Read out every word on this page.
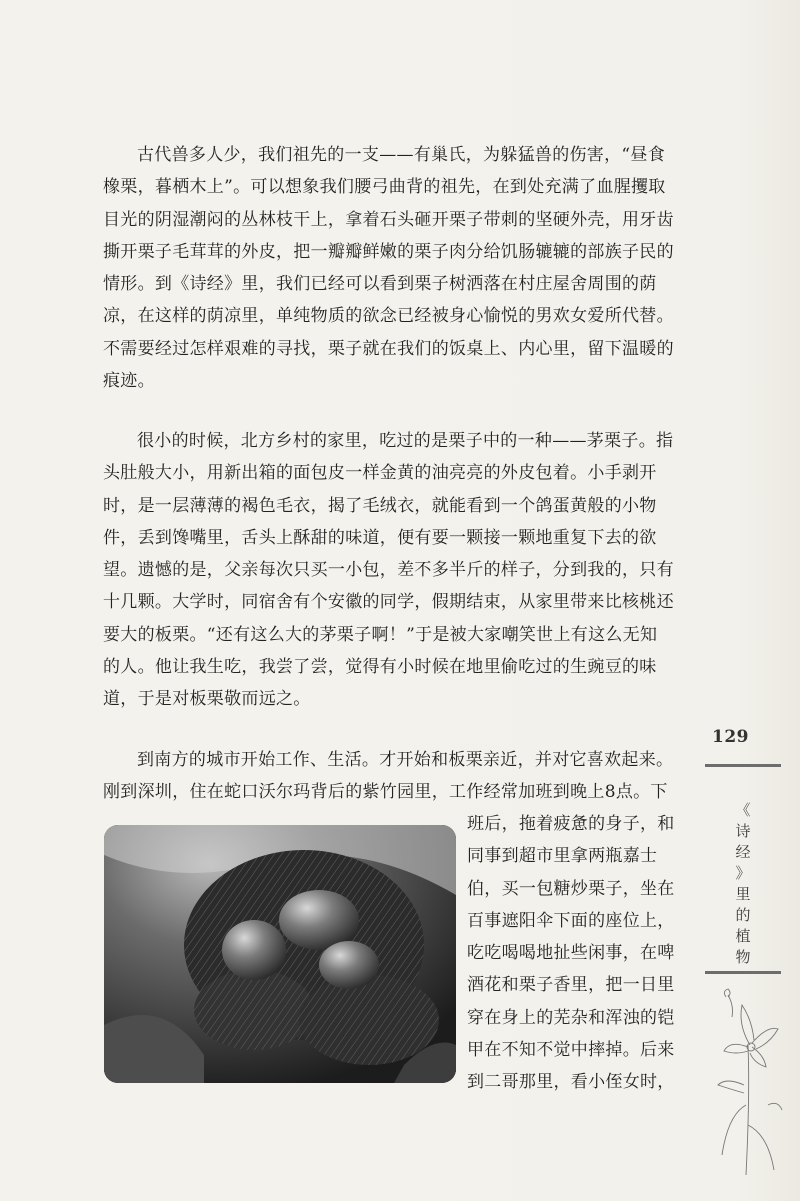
古代兽多人少，我们祖先的一支——有巢氏，为躲猛兽的伤害，“昼食
橡栗，暮栖木上”。可以想象我们腰弓曲背的祖先，在到处充满了血腥攫取
目光的阴湿潮闷的丛林枝干上，拿着石头砸开栗子带刺的坚硬外壳，用牙齿
撕开栗子毛茸茸的外皮，把一瓣瓣鲜嫩的栗子肉分给饥肠辘辘的部族子民的
情形。到《诗经》里，我们已经可以看到栗子树洒落在村庄屋舍周围的荫
凉，在这样的荫凉里，单纯物质的欲念已经被身心愉悦的男欢女爱所代替。
不需要经过怎样艰难的寻找，栗子就在我们的饭桌上、内心里，留下温暖的
痕迹。
很小的时候，北方乡村的家里，吃过的是栗子中的一种——茅栗子。指
头肚般大小，用新出箱的面包皮一样金黄的油亮亮的外皮包着。小手剥开
时，是一层薄薄的褐色毛衣，揭了毛绒衣，就能看到一个鸽蛋黄般的小物
件，丢到馋嘴里，舌头上酥甜的味道，便有要一颗接一颗地重复下去的欲
望。遗憾的是，父亲每次只买一小包，差不多半斤的样子，分到我的，只有
十几颗。大学时，同宿舍有个安徽的同学，假期结束，从家里带来比核桃还
要大的板栗。“还有这么大的茅栗子啊！”于是被大家嘲笑世上有这么无知
的人。他让我生吃，我尝了尝，觉得有小时候在地里偷吃过的生豌豆的味
道，于是对板栗敬而远之。
到南方的城市开始工作、生活。才开始和板栗亲近，并对它喜欢起来。
刚到深圳，住在蛇口沃尔玛背后的紫竹园里，工作经常加班到晚上8点。下
班后，拖着疲惫的身子，和
同事到超市里拿两瓶嘉士
伯，买一包糖炒栗子，坐在
百事遮阳伞下面的座位上，
吃吃喝喝地扯些闲事，在啤
酒花和栗子香里，把一日里
穿在身上的芜杂和浑浊的铠
甲在不知不觉中摔掉。后来
到二哥那里，看小侄女时，
129
《
诗
经
》
里
的
植
物
